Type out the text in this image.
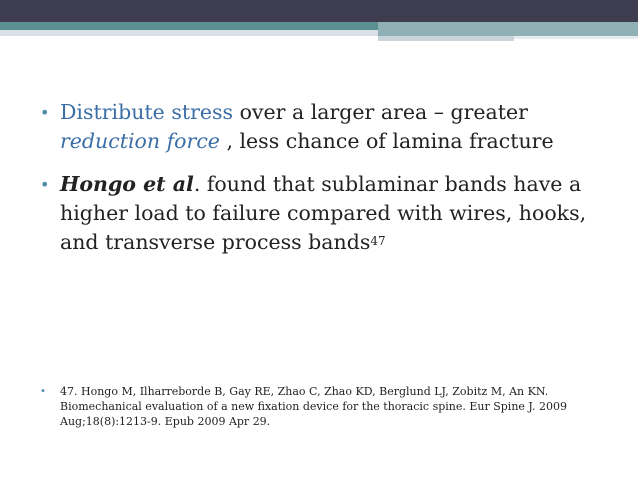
• Distribute stress over a larger area – greater reduction force , less chance of lamina fracture
• Hongo et al. found that sublaminar bands have a higher load to failure compared with wires, hooks, and transverse process bands$^{47}$
• 47. Hongo M, Ilharreborde B, Gay RE, Zhao C, Zhao KD, Berglund LJ, Zobitz M, An KN. Biomechanical evaluation of a new fixation device for the thoracic spine. Eur Spine J. 2009 Aug;18(8):1213-9. Epub 2009 Apr 29.
